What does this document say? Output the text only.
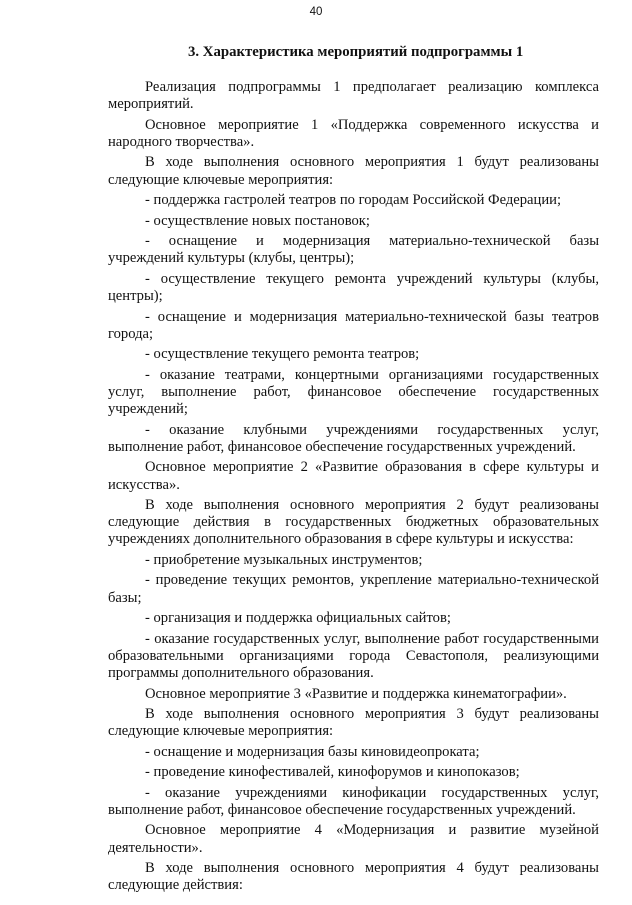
40
3. Характеристика мероприятий подпрограммы 1

Реализация подпрограммы 1 предполагает реализацию комплекса мероприятий.

Основное мероприятие 1 «Поддержка современного искусства и народного творчества».

В ходе выполнения основного мероприятия 1 будут реализованы следующие ключевые мероприятия:

- поддержка гастролей театров по городам Российской Федерации;

- осуществление новых постановок;

- оснащение и модернизация материально-технической базы учреждений культуры (клубы, центры);

- осуществление текущего ремонта учреждений культуры (клубы, центры);

- оснащение и модернизация материально-технической базы театров города;

- осуществление текущего ремонта театров;

- оказание театрами, концертными организациями государственных услуг, выполнение работ, финансовое обеспечение государственных учреждений;

- оказание клубными учреждениями государственных услуг, выполнение работ, финансовое обеспечение государственных учреждений.

Основное мероприятие 2 «Развитие образования в сфере культуры и искусства».

В ходе выполнения основного мероприятия 2 будут реализованы следующие действия в государственных бюджетных образовательных учреждениях дополнительного образования в сфере культуры и искусства:

- приобретение музыкальных инструментов;

- проведение текущих ремонтов, укрепление материально-технической базы;

- организация и поддержка официальных сайтов;

- оказание государственных услуг, выполнение работ государственными образовательными организациями города Севастополя, реализующими программы дополнительного образования.

Основное мероприятие 3 «Развитие и поддержка кинематографии».

В ходе выполнения основного мероприятия 3 будут реализованы следующие ключевые мероприятия:

- оснащение и модернизация базы киновидеопроката;

- проведение кинофестивалей, кинофорумов и кинопоказов;

- оказание учреждениями кинофикации государственных услуг, выполнение работ, финансовое обеспечение государственных учреждений.

Основное мероприятие 4 «Модернизация и развитие музейной деятельности».

В ходе выполнения основного мероприятия 4 будут реализованы следующие действия:
